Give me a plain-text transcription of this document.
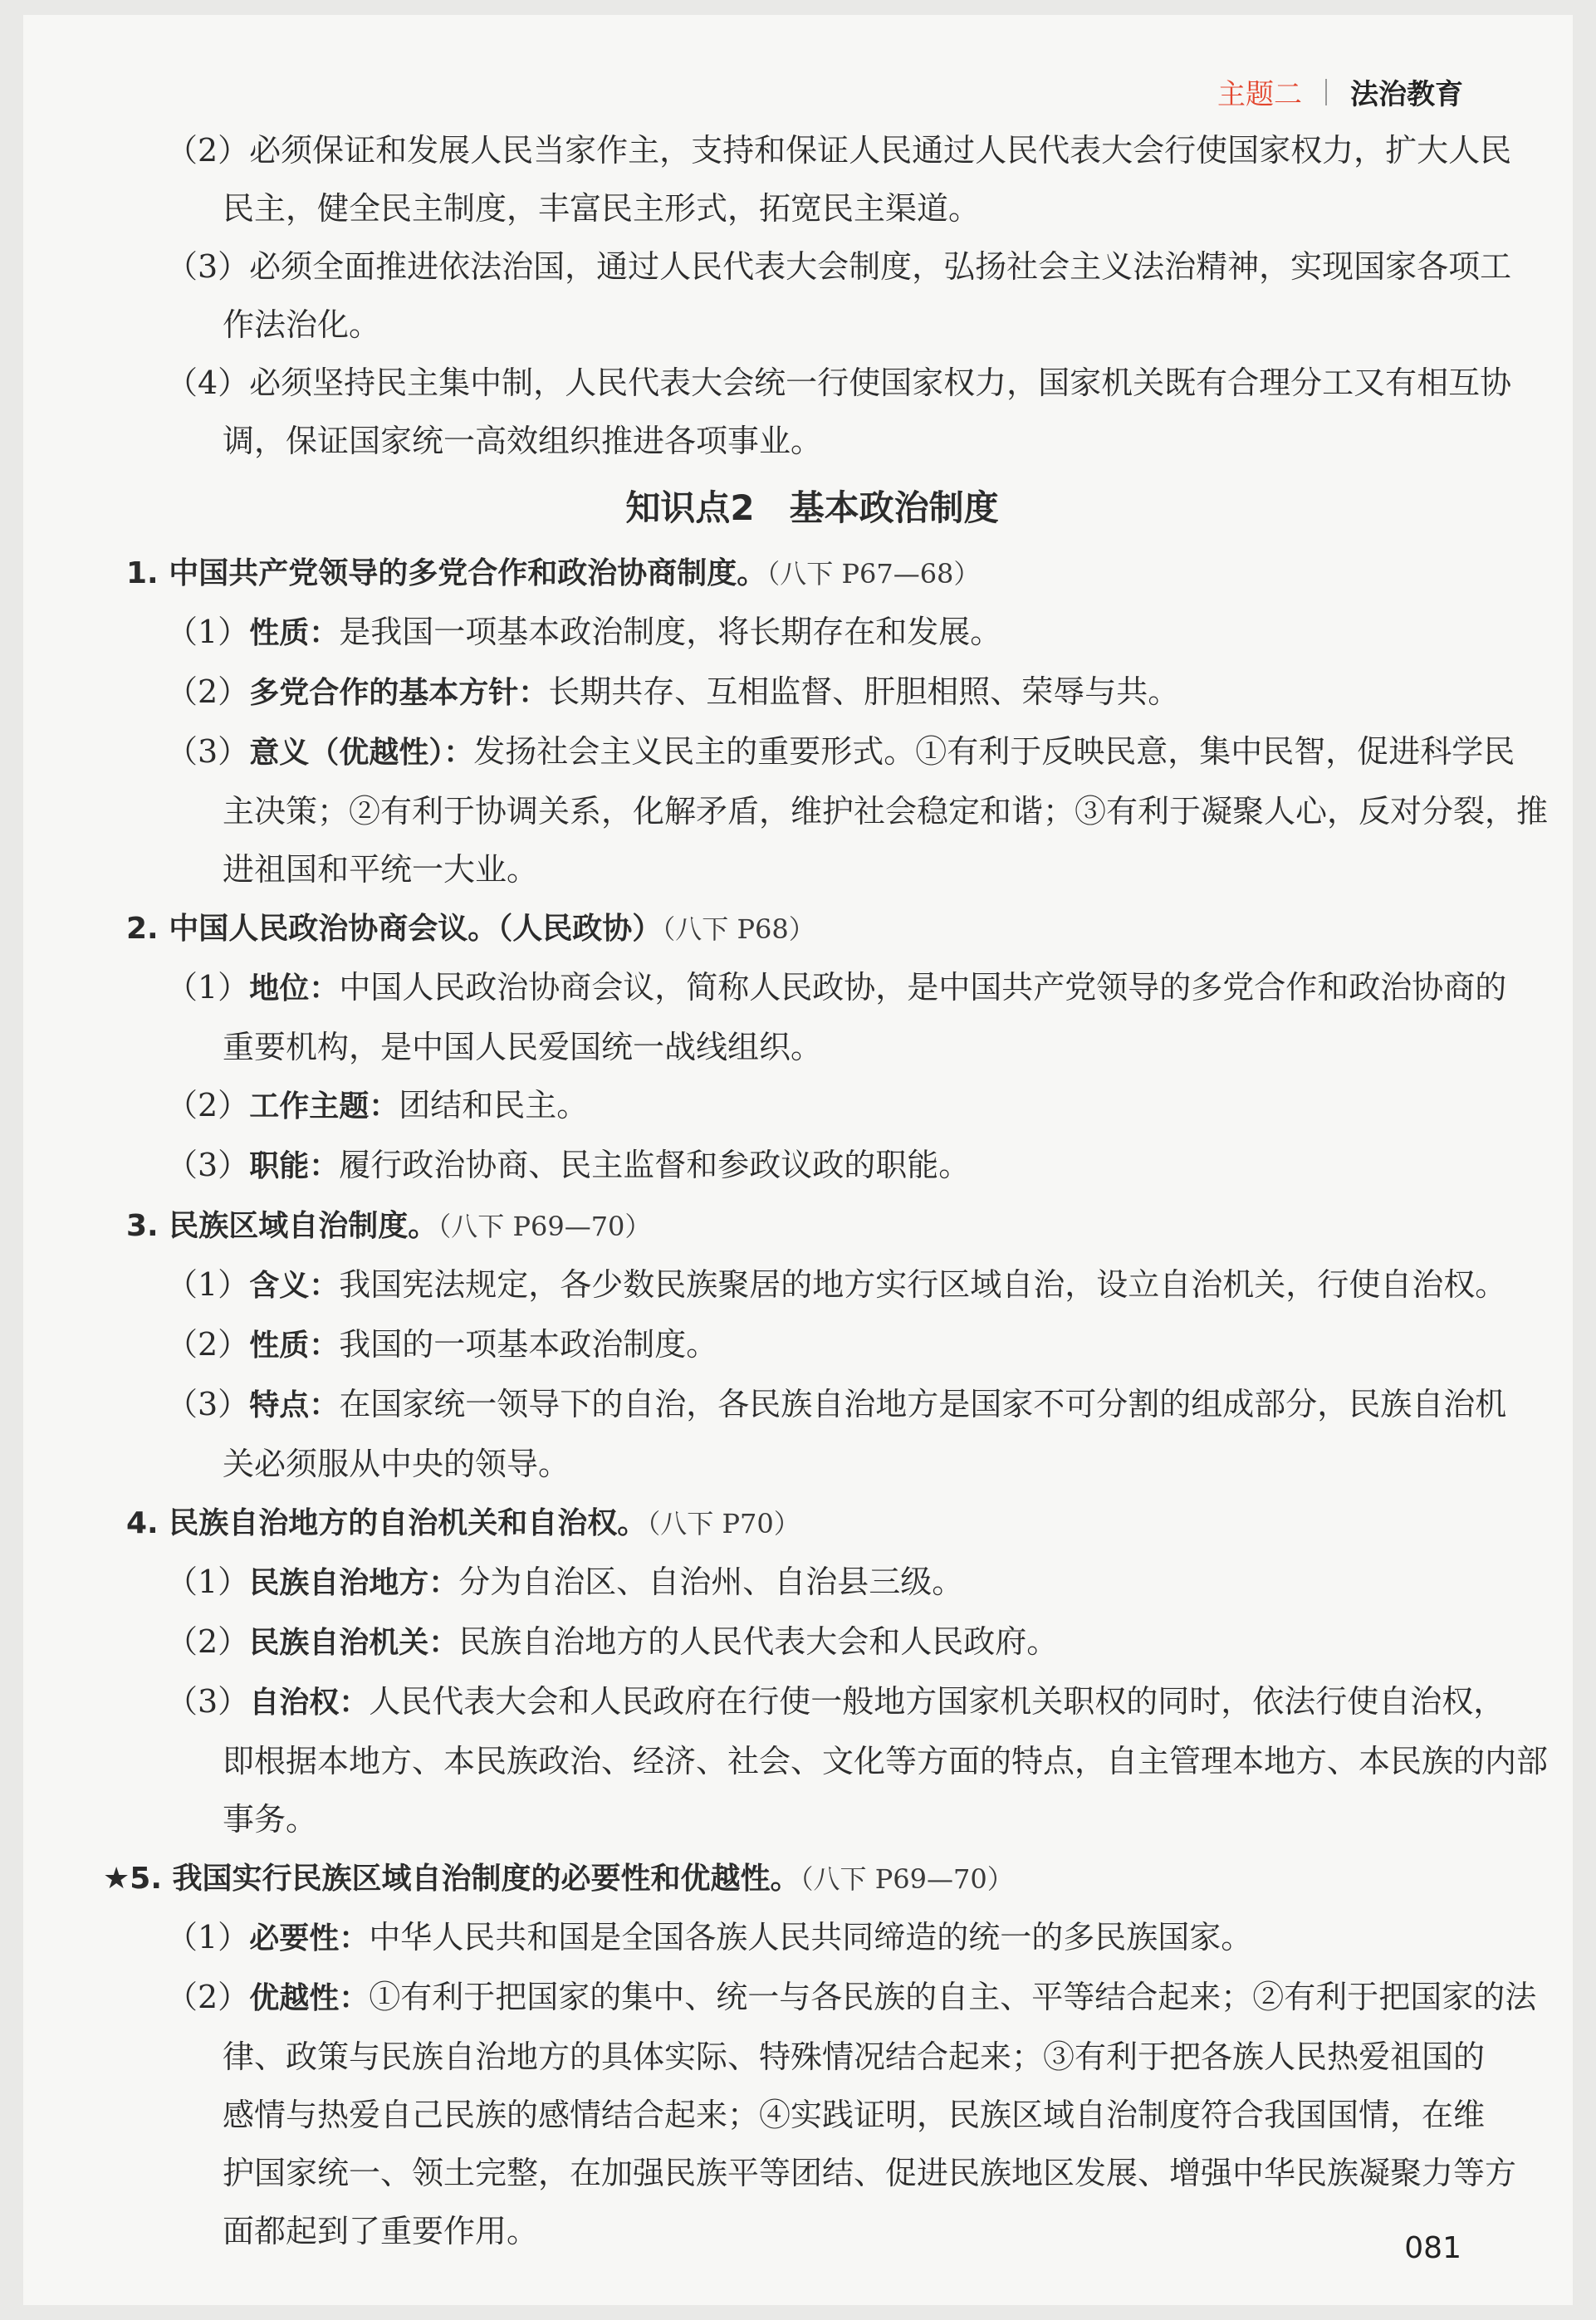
主题二 法治教育
（2）必须保证和发展人民当家作主，支持和保证人民通过人民代表大会行使国家权力，扩大人民
民主，健全民主制度，丰富民主形式，拓宽民主渠道。
（3）必须全面推进依法治国，通过人民代表大会制度，弘扬社会主义法治精神，实现国家各项工
作法治化。
（4）必须坚持民主集中制，人民代表大会统一行使国家权力，国家机关既有合理分工又有相互协
调，保证国家统一高效组织推进各项事业。
知识点2　基本政治制度
1. 中国共产党领导的多党合作和政治协商制度。（八下 P67—68）
（1）性质：是我国一项基本政治制度，将长期存在和发展。
（2）多党合作的基本方针：长期共存、互相监督、肝胆相照、荣辱与共。
（3）意义（优越性）：发扬社会主义民主的重要形式。①有利于反映民意，集中民智，促进科学民
主决策；②有利于协调关系，化解矛盾，维护社会稳定和谐；③有利于凝聚人心，反对分裂，推
进祖国和平统一大业。
2. 中国人民政治协商会议。（人民政协）（八下 P68）
（1）地位：中国人民政治协商会议，简称人民政协，是中国共产党领导的多党合作和政治协商的
重要机构，是中国人民爱国统一战线组织。
（2）工作主题：团结和民主。
（3）职能：履行政治协商、民主监督和参政议政的职能。
3. 民族区域自治制度。（八下 P69—70）
（1）含义：我国宪法规定，各少数民族聚居的地方实行区域自治，设立自治机关，行使自治权。
（2）性质：我国的一项基本政治制度。
（3）特点：在国家统一领导下的自治，各民族自治地方是国家不可分割的组成部分，民族自治机
关必须服从中央的领导。
4. 民族自治地方的自治机关和自治权。（八下 P70）
（1）民族自治地方：分为自治区、自治州、自治县三级。
（2）民族自治机关：民族自治地方的人民代表大会和人民政府。
（3）自治权：人民代表大会和人民政府在行使一般地方国家机关职权的同时，依法行使自治权，
即根据本地方、本民族政治、经济、社会、文化等方面的特点，自主管理本地方、本民族的内部
事务。
★5. 我国实行民族区域自治制度的必要性和优越性。（八下 P69—70）
（1）必要性：中华人民共和国是全国各族人民共同缔造的统一的多民族国家。
（2）优越性：①有利于把国家的集中、统一与各民族的自主、平等结合起来；②有利于把国家的法
律、政策与民族自治地方的具体实际、特殊情况结合起来；③有利于把各族人民热爱祖国的
感情与热爱自己民族的感情结合起来；④实践证明，民族区域自治制度符合我国国情，在维
护国家统一、领土完整，在加强民族平等团结、促进民族地区发展、增强中华民族凝聚力等方
面都起到了重要作用。	081
